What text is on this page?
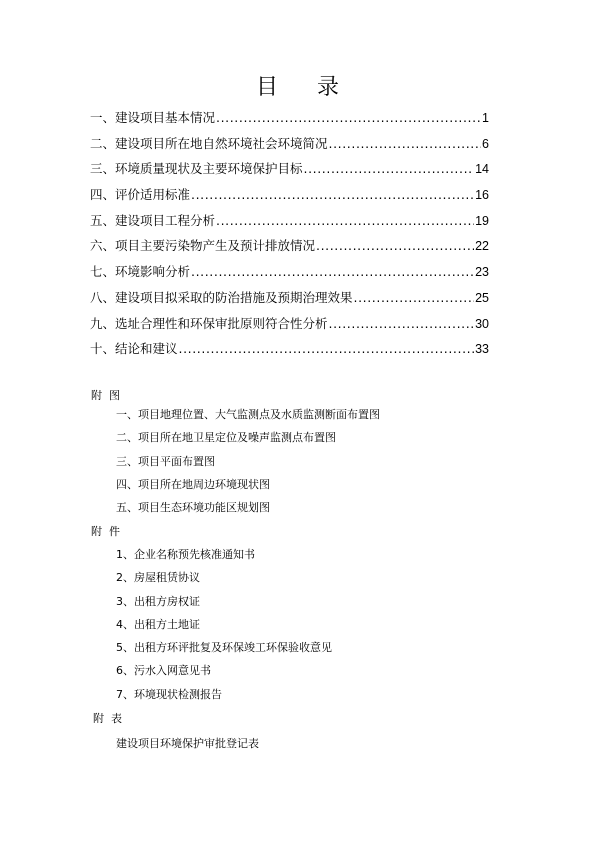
目 录
一、建设项目基本情况 .....	1
二、建设项目所在地自然环境社会环境简况 .....	6
三、环境质量现状及主要环境保护目标 .....	14
四、评价适用标准 .....	16
五、建设项目工程分析 .....	19
六、项目主要污染物产生及预计排放情况 .....	22
七、环境影响分析 .....	23
八、建设项目拟采取的防治措施及预期治理效果 .....	25
九、选址合理性和环保审批原则符合性分析 .....	30
十、结论和建议 .....	33
附图
一、项目地理位置、大气监测点及水质监测断面布置图
二、项目所在地卫星定位及噪声监测点布置图
三、项目平面布置图
四、项目所在地周边环境现状图
五、项目生态环境功能区规划图
附件
1、企业名称预先核准通知书
2、房屋租赁协议
3、出租方房权证
4、出租方土地证
5、出租方环评批复及环保竣工环保验收意见
6、污水入网意见书
7、环境现状检测报告
附表
建设项目环境保护审批登记表
